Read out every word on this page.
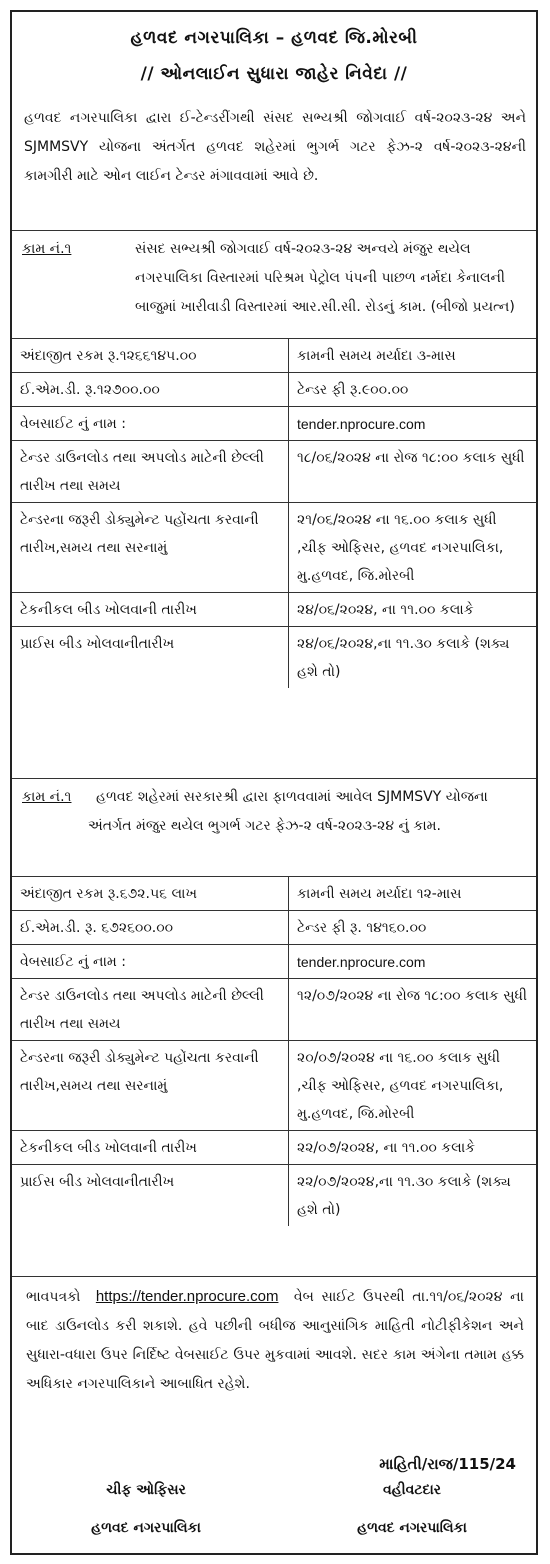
હળવદ નગરપાલિકા – હળવદ જિ.મોરબી
// ઓનલાઈન સુધારા જાહેર નિવેદા //
હળવદ નગરપાલિકા દ્વારા ઈ-ટેન્ડરીંગથી સંસદ સભ્યશ્રી જોગવાઈ વર્ષ-૨૦૨૩-૨૪ અને SJMMSVY યોજના અંતર્ગત હળવદ શહેરમાં ભુગર્ભ ગટર ફેઝ-૨ વર્ષ-૨૦૨૩-૨૪ની કામગીરી માટે ઓન લાઈન ટેન્ડર મંગાવવામાં આવે છે.
કામ નં.૧	સંસદ સભ્યશ્રી જોગવાઈ વર્ષ-૨૦૨૩-૨૪ અન્વયે મંજુર થયેલ નગરપાલિકા વિસ્તારમાં પરિશ્રમ પેટ્રોલ પંપની પાછળ નર્મદા કેનાલની બાજુમાં ખારીવાડી વિસ્તારમાં આર.સી.સી. રોડનું કામ. (બીજો પ્રયત્ન)
અંદાજીત રકમ રૂ.૧૨૬૬૧૪૫.૦૦	કામની સમય મર્યાદા ૩-માસ
ઈ.એમ.ડી. રૂ.૧૨૭૦૦.૦૦	ટેન્ડર ફી રૂ.૯૦૦.૦૦
વેબસાઈટ નું નામ :	tender.nprocure.com
ટેન્ડર ડાઉનલોડ તથા અપલોડ માટેની છેલ્લી તારીખ તથા સમય	૧૮/૦૬/૨૦૨૪ ના રોજ ૧૮:૦૦ કલાક સુધી
ટેન્ડરના જરૂરી ડોક્યુમેન્ટ પહોંચતા કરવાની તારીખ,સમય તથા સરનામું	૨૧/૦૬/૨૦૨૪ ના ૧૬.૦૦ કલાક સુધી ,ચીફ ઓફિસર, હળવદ નગરપાલિકા, મુ.હળવદ, જિ.મોરબી
ટેકનીકલ બીડ ખોલવાની તારીખ	૨૪/૦૬/૨૦૨૪, ના ૧૧.૦૦ કલાકે
પ્રાઈસ બીડ ખોલવાનીતારીખ	૨૪/૦૬/૨૦૨૪,ના ૧૧.૩૦ કલાકે (શક્ય હશે તો)
કામ નં.૧	હળવદ શહેરમાં સરકારશ્રી દ્વારા ફાળવવામાં આવેલ SJMMSVY યોજના અંતર્ગત મંજુર થયેલ ભુગર્ભ ગટર ફેઝ-૨ વર્ષ-૨૦૨૩-૨૪ નું કામ.
અંદાજીત રકમ રૂ.૬૭૨.૫૬ લાખ	કામની સમય મર્યાદા ૧૨-માસ
ઈ.એમ.ડી. રૂ. ૬૭૨૬૦૦.૦૦	ટેન્ડર ફી રૂ. ૧૪૧૬૦.૦૦
વેબસાઈટ નું નામ :	tender.nprocure.com
ટેન્ડર ડાઉનલોડ તથા અપલોડ માટેની છેલ્લી તારીખ તથા સમય	૧૨/૦૭/૨૦૨૪ ના રોજ ૧૮:૦૦ કલાક સુધી
ટેન્ડરના જરૂરી ડોક્યુમેન્ટ પહોંચતા કરવાની તારીખ,સમય તથા સરનામું	૨૦/૦૭/૨૦૨૪ ના ૧૬.૦૦ કલાક સુધી ,ચીફ ઓફિસર, હળવદ નગરપાલિકા, મુ.હળવદ, જિ.મોરબી
ટેકનીકલ બીડ ખોલવાની તારીખ	૨૨/૦૭/૨૦૨૪, ના ૧૧.૦૦ કલાકે
પ્રાઈસ બીડ ખોલવાનીતારીખ	૨૨/૦૭/૨૦૨૪,ના ૧૧.૩૦ કલાકે (શક્ય હશે તો)
ભાવપત્રકો https://tender.nprocure.com વેબ સાઈટ ઉપરથી તા.૧૧/૦૬/૨૦૨૪ ના બાદ ડાઉનલોડ કરી શકાશે. હવે પછીની બધીજ આનુસાંગિક માહિતી નોટીફીકેશન અને સુધારા-વધારા ઉપર નિર્દિષ્ટ વેબસાઈટ ઉપર મુકવામાં આવશે. સદર કામ અંગેના તમામ હક્ક અધિકાર નગરપાલિકાને આબાધિત રહેશે.
માહિતી/રાજ/115/24
ચીફ ઓફિસર
હળવદ નગરપાલિકા
વહીવટદાર
હળવદ નગરપાલિકા
